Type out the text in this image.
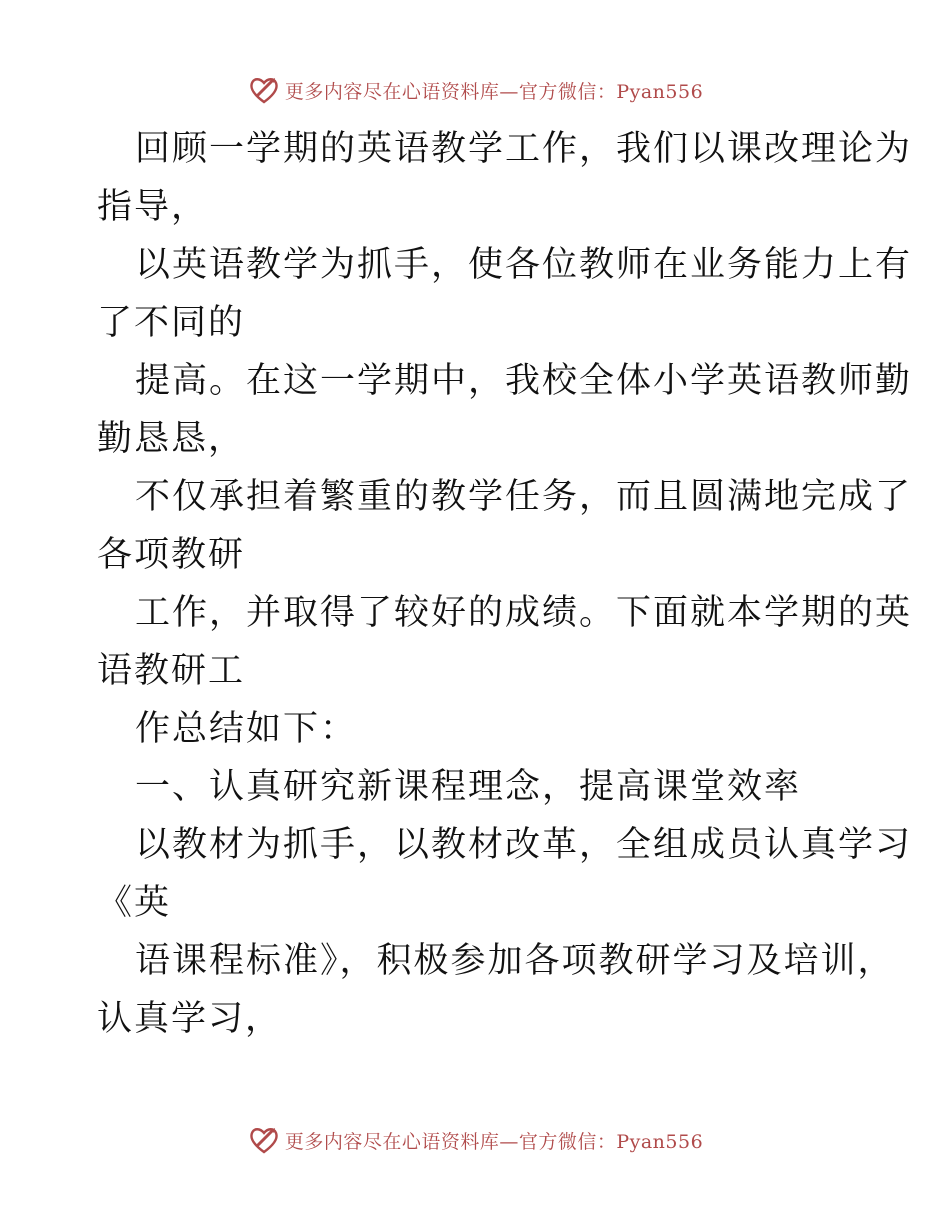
更多内容尽在心语资料库—官方微信：Pyan556
回顾一学期的英语教学工作，我们以课改理论为
指导，
以英语教学为抓手，使各位教师在业务能力上有
了不同的
提高。在这一学期中，我校全体小学英语教师勤
勤恳恳，
不仅承担着繁重的教学任务，而且圆满地完成了
各项教研
工作，并取得了较好的成绩。下面就本学期的英
语教研工
作总结如下：
一、认真研究新课程理念，提高课堂效率
以教材为抓手，以教材改革，全组成员认真学习
《英
语课程标准》，积极参加各项教研学习及培训，
认真学习，
更多内容尽在心语资料库—官方微信：Pyan556
